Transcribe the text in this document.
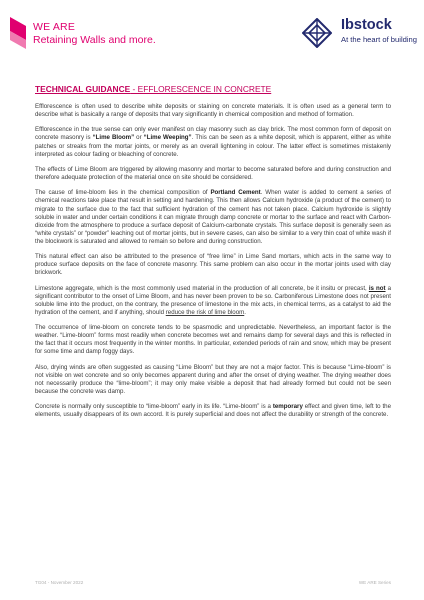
WE ARE
Retaining Walls and more.
Ibstock
At the heart of building
TECHNICAL GUIDANCE - EFFLORESCENCE IN CONCRETE

Efflorescence is often used to describe white deposits or staining on concrete materials. It is often used as a general term to describe what is basically a range of deposits that vary significantly in chemical composition and method of formation.

Efflorescence in the true sense can only ever manifest on clay masonry such as clay brick. The most common form of deposit on concrete masonry is “Lime Bloom” or “Lime Weeping”. This can be seen as a white deposit, which is apparent, either as white patches or streaks from the mortar joints, or merely as an overall lightening in colour. The latter effect is sometimes mistakenly interpreted as colour fading or bleaching of concrete.

The effects of Lime Bloom are triggered by allowing masonry and mortar to become saturated before and during construction and therefore adequate protection of the material once on site should be considered.

The cause of lime-bloom lies in the chemical composition of Portland Cement. When water is added to cement a series of chemical reactions take place that result in setting and hardening. This then allows Calcium hydroxide (a product of the cement) to migrate to the surface due to the fact that sufficient hydration of the cement has not taken place. Calcium hydroxide is slightly soluble in water and under certain conditions it can migrate through damp concrete or mortar to the surface and react with Carbon-dioxide from the atmosphere to produce a surface deposit of Calcium-carbonate crystals. This surface deposit is generally seen as “white crystals” or “powder” leaching out of mortar joints, but in severe cases, can also be similar to a very thin coat of white wash if the blockwork is saturated and allowed to remain so before and during construction.

This natural effect can also be attributed to the presence of “free lime” in Lime Sand mortars, which acts in the same way to produce surface deposits on the face of concrete masonry. This same problem can also occur in the mortar joints used with clay brickwork.

Limestone aggregate, which is the most commonly used material in the production of all concrete, be it insitu or precast, is not a significant contributor to the onset of Lime Bloom, and has never been proven to be so. Carboniferous Limestone does not present soluble lime into the product, on the contrary, the presence of limestone in the mix acts, in chemical terms, as a catalyst to aid the hydration of the cement, and if anything, should reduce the risk of lime bloom.

The occurrence of lime-bloom on concrete tends to be spasmodic and unpredictable. Nevertheless, an important factor is the weather. “Lime-bloom” forms most readily when concrete becomes wet and remains damp for several days and this is reflected in the fact that it occurs most frequently in the winter months. In particular, extended periods of rain and snow, which may be present for some time and damp foggy days.

Also, drying winds are often suggested as causing “Lime Bloom” but they are not a major factor. This is because “Lime-bloom” is not visible on wet concrete and so only becomes apparent during and after the onset of drying weather. The drying weather does not necessarily produce the “lime-bloom”; it may only make visible a deposit that had already formed but could not be seen because the concrete was damp.

Concrete is normally only susceptible to “lime-bloom” early in its life. “Lime-bloom” is a temporary effect and given time, left to the elements, usually disappears of its own accord. It is purely superficial and does not affect the durability or strength of the concrete.

TG04 - November 2022	WE ARE Series
